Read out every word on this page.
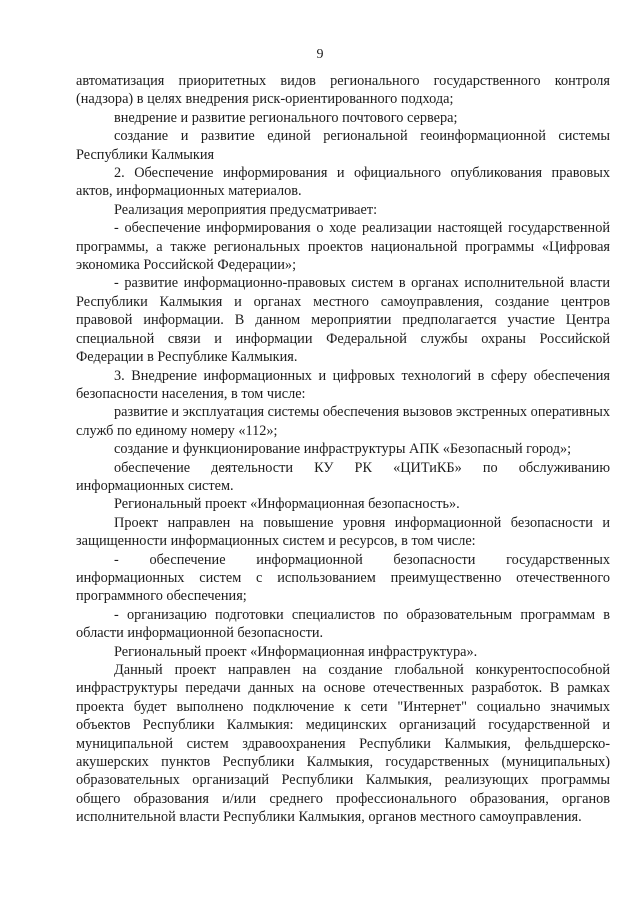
9

автоматизация приоритетных видов регионального государственного контроля (надзора) в целях внедрения риск-ориентированного подхода;

внедрение и развитие регионального почтового сервера;

создание и развитие единой региональной геоинформационной системы Республики Калмыкия

2. Обеспечение информирования и официального опубликования правовых актов, информационных материалов.

Реализация мероприятия предусматривает:

- обеспечение информирования о ходе реализации настоящей государственной программы, а также региональных проектов национальной программы «Цифровая экономика Российской Федерации»;

- развитие информационно-правовых систем в органах исполнительной власти Республики Калмыкия и органах местного самоуправления, создание центров правовой информации. В данном мероприятии предполагается участие Центра специальной связи и информации Федеральной службы охраны Российской Федерации в Республике Калмыкия.

3. Внедрение информационных и цифровых технологий в сферу обеспечения безопасности населения, в том числе:

развитие и эксплуатация системы обеспечения вызовов экстренных оперативных служб по единому номеру «112»;

создание и функционирование инфраструктуры АПК «Безопасный город»;

обеспечение деятельности КУ РК «ЦИТиКБ» по обслуживанию информационных систем.

Региональный проект «Информационная безопасность».

Проект направлен на повышение уровня информационной безопасности и защищенности информационных систем и ресурсов, в том числе:

- обеспечение информационной безопасности государственных информационных систем с использованием преимущественно отечественного программного обеспечения;

- организацию подготовки специалистов по образовательным программам в области информационной безопасности.

Региональный проект «Информационная инфраструктура».

Данный проект направлен на создание глобальной конкурентоспособной инфраструктуры передачи данных на основе отечественных разработок. В рамках проекта будет выполнено подключение к сети "Интернет" социально значимых объектов Республики Калмыкия: медицинских организаций государственной и муниципальной систем здравоохранения Республики Калмыкия, фельдшерско-акушерских пунктов Республики Калмыкия, государственных (муниципальных) образовательных организаций Республики Калмыкия, реализующих программы общего образования и/или среднего профессионального образования, органов исполнительной власти Республики Калмыкия, органов местного самоуправления.
